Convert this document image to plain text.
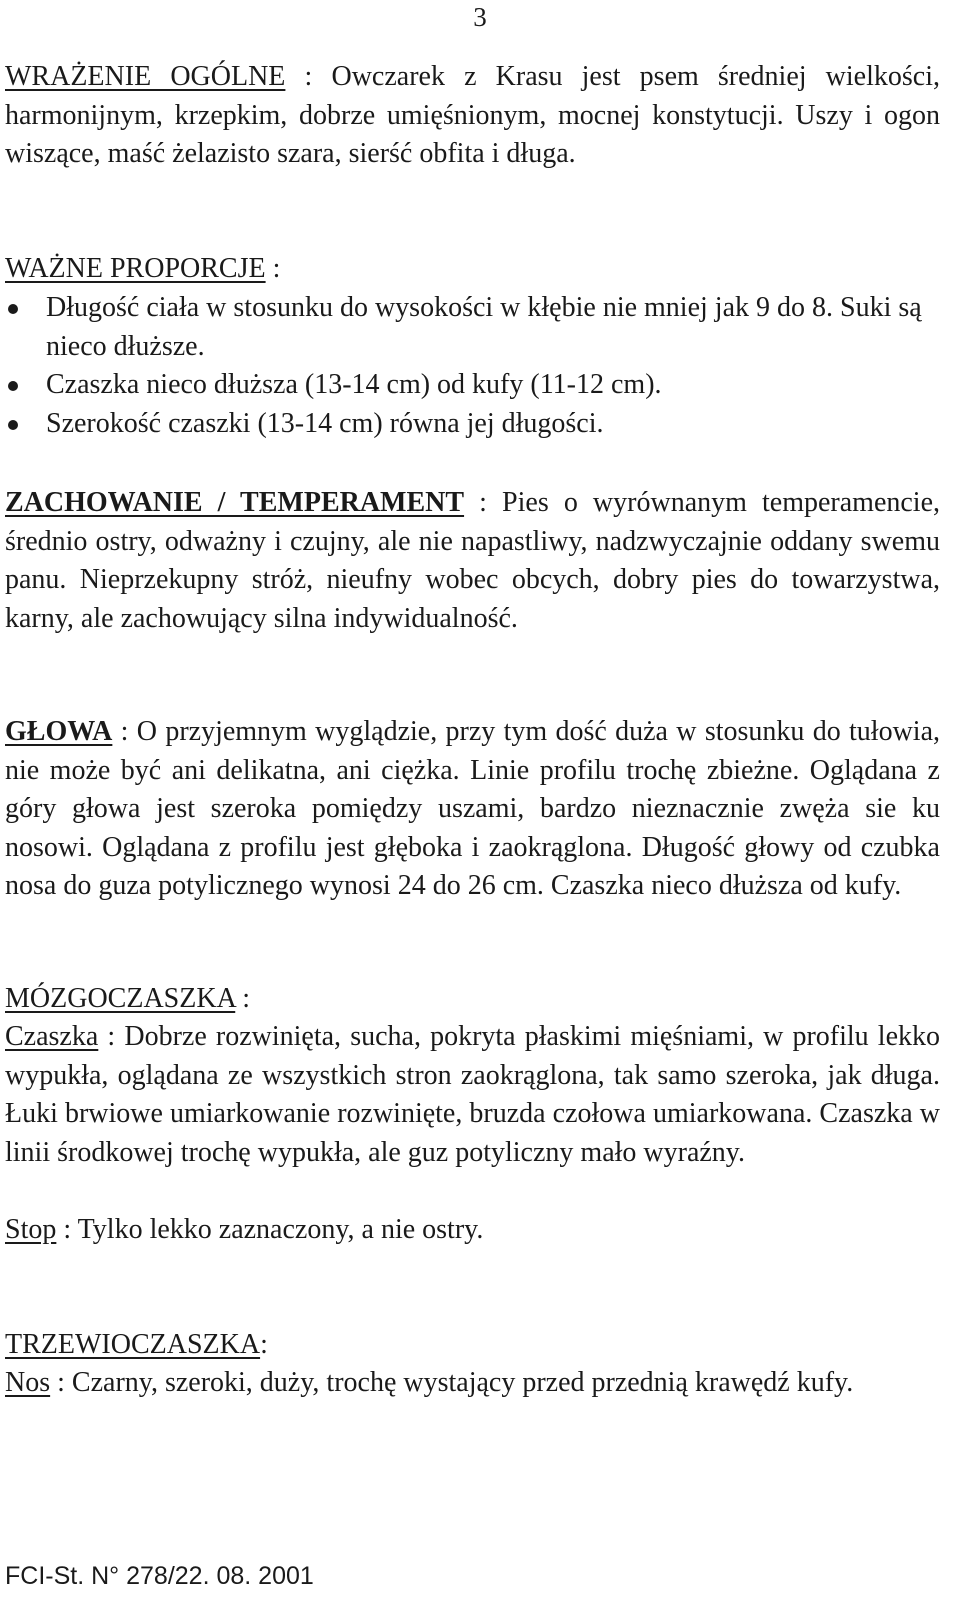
3

WRAŻENIE OGÓLNE : Owczarek z Krasu jest psem średniej wielkości, harmonijnym, krzepkim, dobrze umięśnionym, mocnej konstytucji. Uszy i ogon wiszące, maść żelazisto szara, sierść obfita i długa.

WAŻNE PROPORCJE :

Długość ciała w stosunku do wysokości w kłębie nie mniej jak 9 do 8. Suki są nieco dłuższe.
Czaszka nieco dłuższa (13-14 cm) od kufy (11-12 cm).
Szerokość czaszki (13-14 cm) równa jej długości.

ZACHOWANIE / TEMPERAMENT : Pies o wyrównanym temperamencie, średnio ostry, odważny i czujny, ale nie napastliwy, nadzwyczajnie oddany swemu panu. Nieprzekupny stróż, nieufny wobec obcych, dobry pies do towarzystwa, karny, ale zachowujący silna indywidualność.

GŁOWA : O przyjemnym wyglądzie, przy tym dość duża w stosunku do tułowia, nie może być ani delikatna, ani ciężka. Linie profilu trochę zbieżne. Oglądana z góry głowa jest szeroka pomiędzy uszami, bardzo nieznacznie zwęża sie ku nosowi. Oglądana z profilu jest głęboka i zaokrąglona. Długość głowy od czubka nosa do guza potylicznego wynosi 24 do 26 cm. Czaszka nieco dłuższa od kufy.

MÓZGOCZASZKA :

Czaszka : Dobrze rozwinięta, sucha, pokryta płaskimi mięśniami, w profilu lekko wypukła, oglądana ze wszystkich stron zaokrąglona, tak samo szeroka, jak długa. Łuki brwiowe umiarkowanie rozwinięte, bruzda czołowa umiarkowana. Czaszka w linii środkowej trochę wypukła, ale guz potyliczny mało wyraźny.

Stop : Tylko lekko zaznaczony, a nie ostry.

TRZEWIOCZASZKA:

Nos : Czarny, szeroki, duży, trochę wystający przed przednią krawędź kufy.

FCI-St. N° 278/22. 08. 2001
